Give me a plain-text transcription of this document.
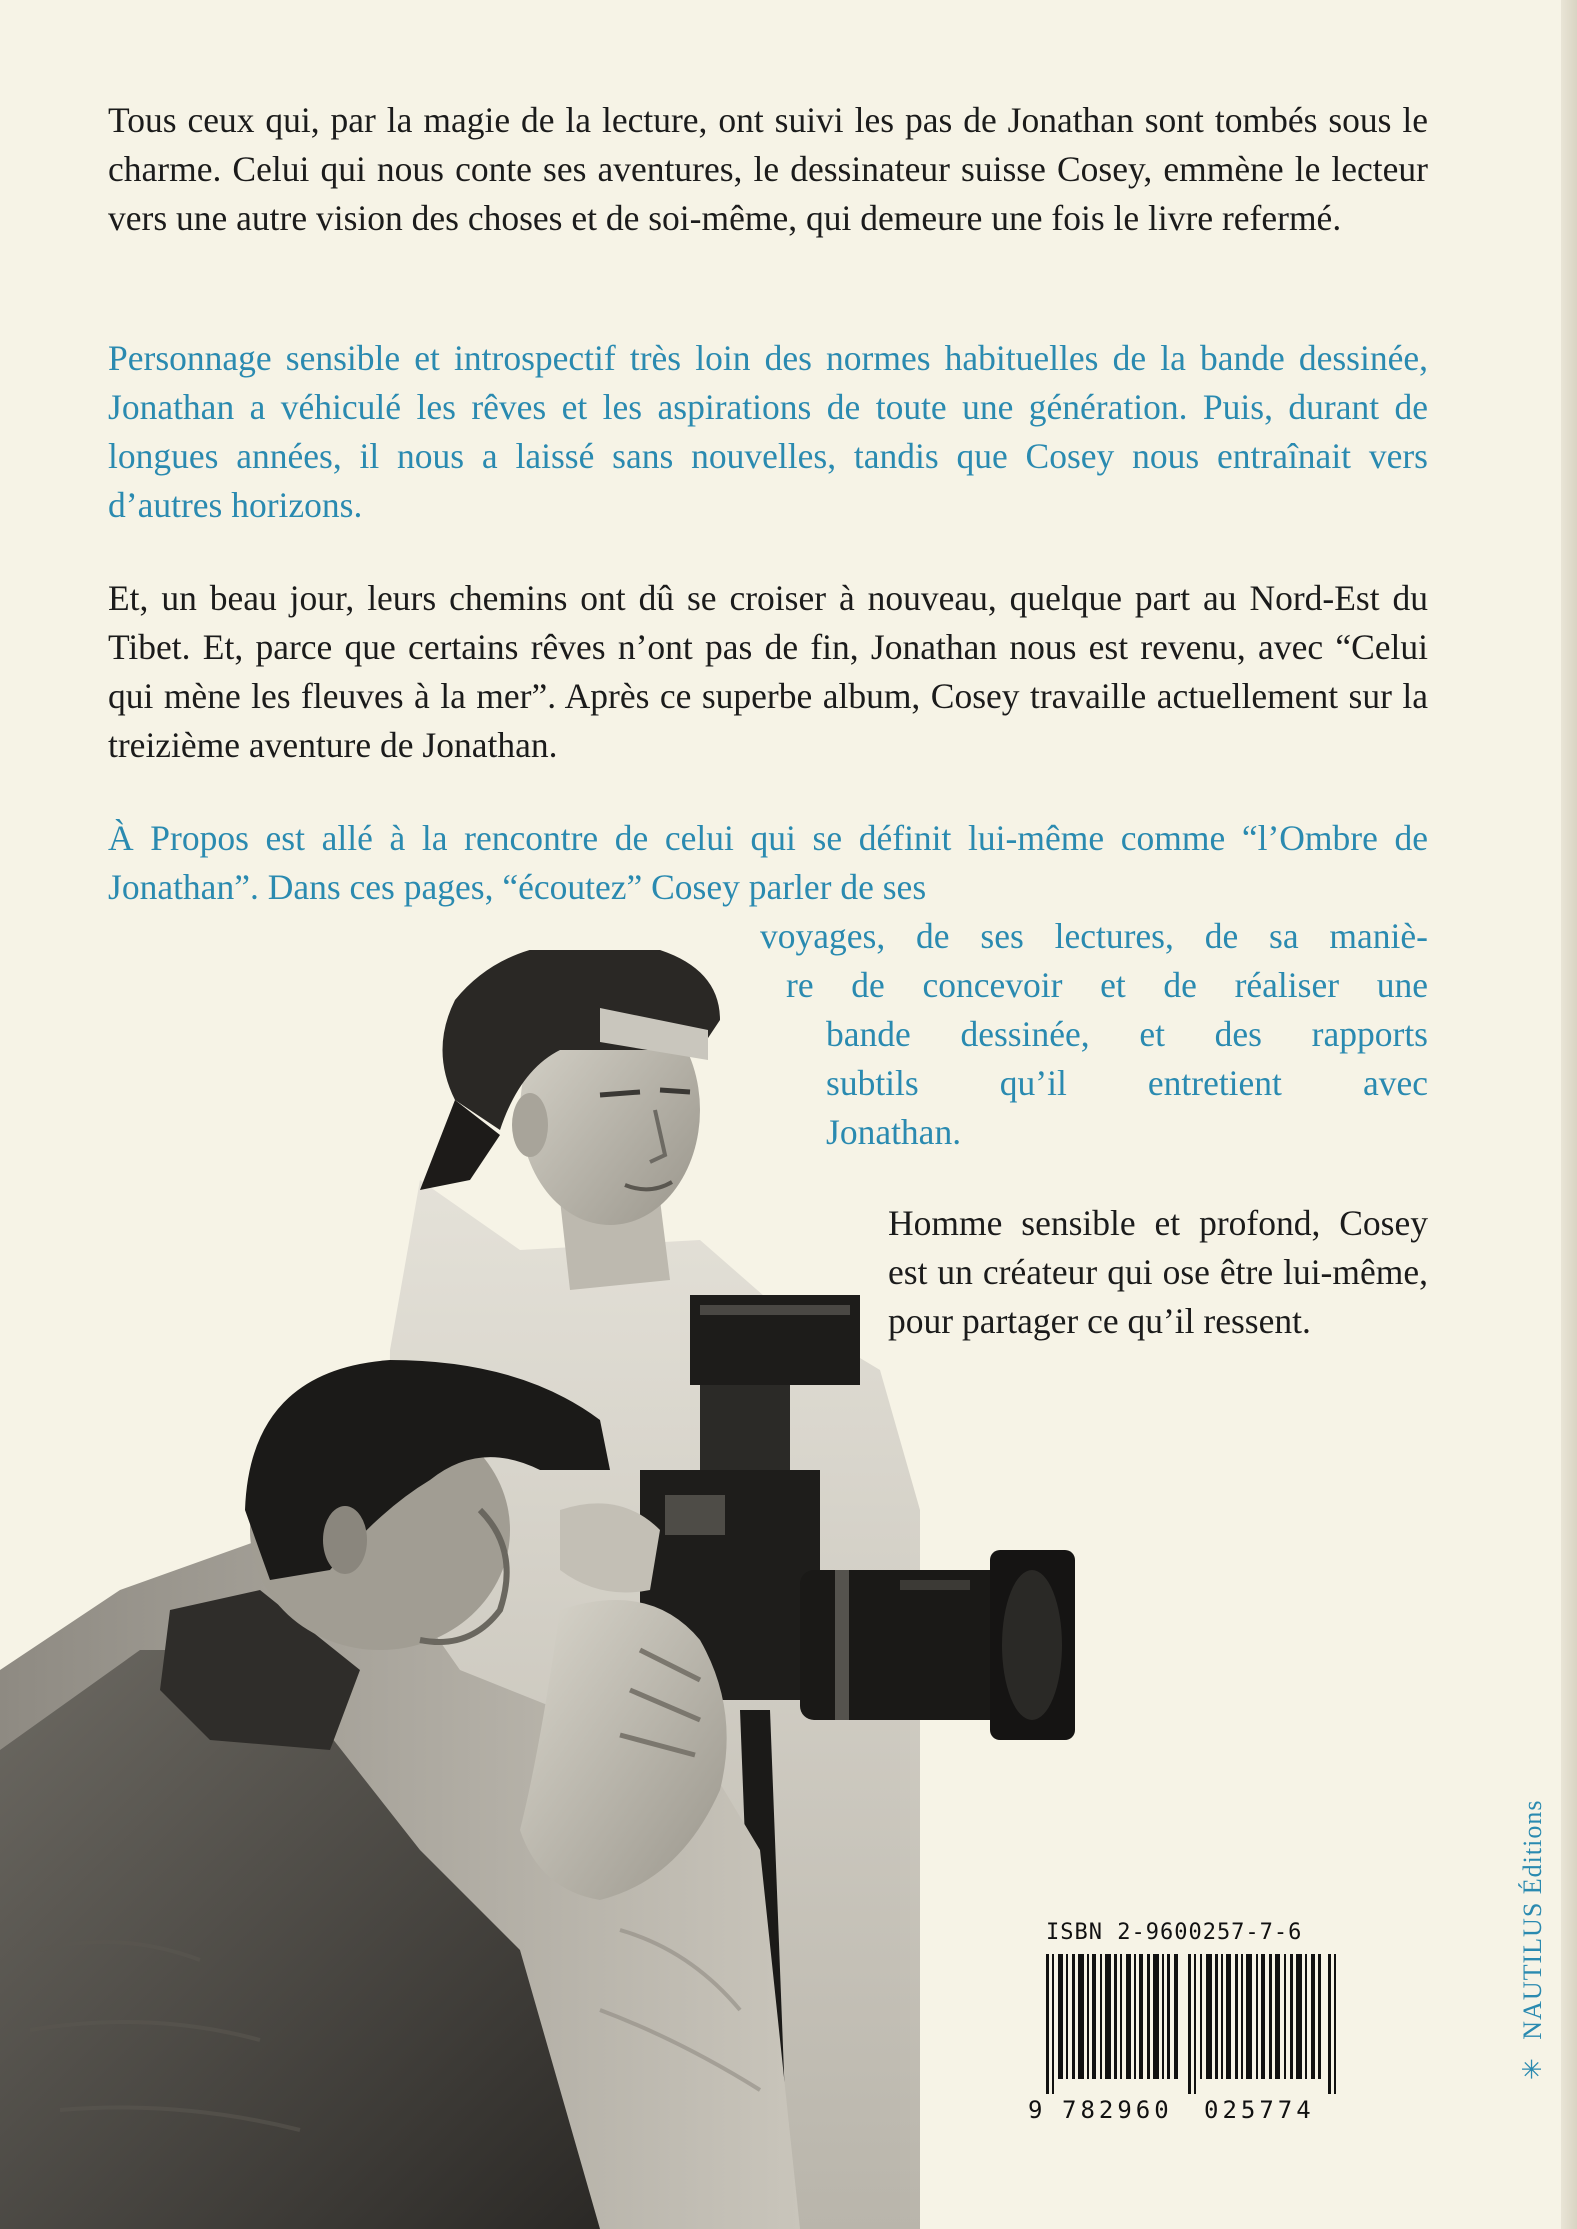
Tous ceux qui, par la magie de la lecture, ont suivi les pas de Jonathan sont tombés sous le charme. Celui qui nous conte ses aventures, le dessinateur suisse Cosey, emmène le lecteur vers une autre vision des choses et de soi-même, qui demeure une fois le livre refermé.

Personnage sensible et introspectif très loin des normes habituelles de la bande dessinée, Jonathan a véhiculé les rêves et les aspirations de toute une génération. Puis, durant de longues années, il nous a laissé sans nouvelles, tandis que Cosey nous entraînait vers d’autres horizons.

Et, un beau jour, leurs chemins ont dû se croiser à nouveau, quelque part au Nord-Est du Tibet. Et, parce que certains rêves n’ont pas de fin, Jonathan nous est revenu, avec “Celui qui mène les fleuves à la mer”. Après ce superbe album, Cosey travaille actuellement sur la treizième aventure de Jonathan.

À Propos est allé à la rencontre de celui qui se définit lui-même comme “l’Ombre de Jonathan”. Dans ces pages, “écoutez” Cosey parler de ses

voyages, de ses lectures, de sa maniè-

re de concevoir et de réaliser une

bande dessinée, et des rapports

subtils qu’il entretient avec

Jonathan.

Homme sensible et profond, Cosey est un créateur qui ose être lui-même, pour partager ce qu’il ressent.

ISBN 2-9600257-7-6
9 782960 025774
✳ NAUTILUS Éditions
